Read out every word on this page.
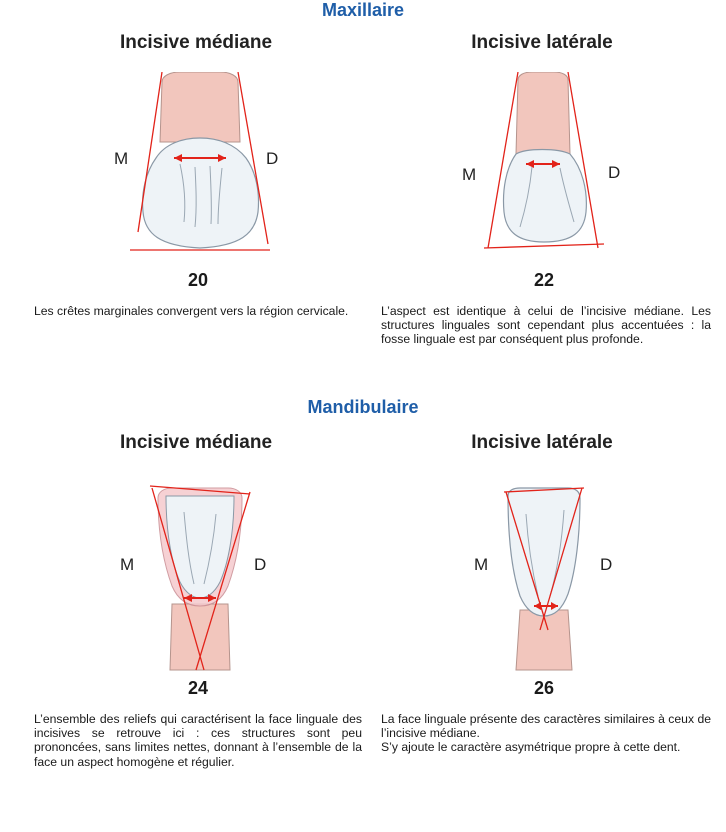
Maxillaire
Incisive médiane	Incisive latérale
M	D
20
M	D
22
Les crêtes marginales convergent vers la région cervicale.	L’aspect est identique à celui de l’incisive médiane. Les structures linguales sont cependant plus accentuées : la fosse linguale est par conséquent plus profonde.
Mandibulaire
Incisive médiane	Incisive latérale
M	D
24
M	D
26
L’ensemble des reliefs qui caractérisent la face linguale des incisives se retrouve ici : ces structures sont peu prononcées, sans limites nettes, donnant à l’ensemble de la face un aspect homogène et régulier.
La face linguale présente des caractères similaires à ceux de l’incisive médiane.
S’y ajoute le caractère asymétrique propre à cette dent.
